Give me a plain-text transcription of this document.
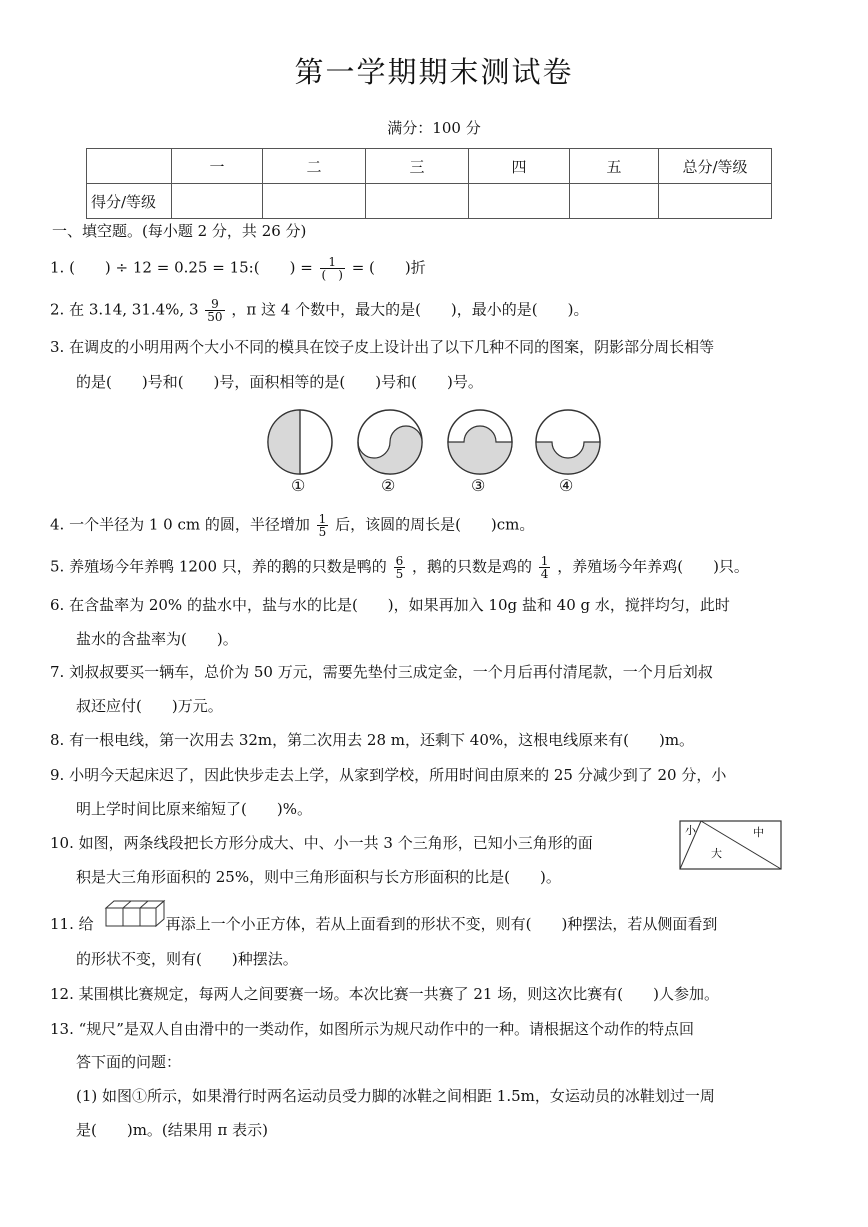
第一学期期末测试卷
满分：100 分
	一	二	三	四	五	总分/等级
得分/等级						
一、填空题。(每小题 2 分，共 26 分)
1. (　　) ÷ 12 = 0.25 = 15:(　　) = $\frac{1}{( )}$ = (　　)折
2. 在 3.14, 31.4%, $3 \frac{9}{50}$ ，π 这 4 个数中，最大的是(　　)，最小的是(　　)。
3. 在调皮的小明用两个大小不同的模具在饺子皮上设计出了以下几种不同的图案，阴影部分周长相等
的是(　　)号和(　　)号，面积相等的是(　　)号和(　　)号。
①	②	③	④
4. 一个半径为 1 0 cm 的圆，半径增加 $\frac{1}{5}$ 后，该圆的周长是(　　)cm。
5. 养殖场今年养鸭 1200 只，养的鹅的只数是鸭的 $\frac{6}{5}$ ，鹅的只数是鸡的 $\frac{1}{4}$ ，养殖场今年养鸡(　　)只。
6. 在含盐率为 20% 的盐水中，盐与水的比是(　　)，如果再加入 10g 盐和 40 g 水，搅拌均匀，此时
盐水的含盐率为(　　)。
7. 刘叔叔要买一辆车，总价为 50 万元，需要先垫付三成定金，一个月后再付清尾款，一个月后刘叔
叔还应付(　　)万元。
8. 有一根电线，第一次用去 32m，第二次用去 28 m，还剩下 40%，这根电线原来有(　　)m。
9. 小明今天起床迟了，因此快步走去上学，从家到学校，所用时间由原来的 25 分减少到了 20 分，小
明上学时间比原来缩短了(　　)%。
10. 如图，两条线段把长方形分成大、中、小一共 3 个三角形，已知小三角形的面
积是大三角形面积的 25%，则中三角形面积与长方形面积的比是(　　)。
小	中
大
11. 给	再添上一个小正方体，若从上面看到的形状不变，则有(　　)种摆法，若从侧面看到
的形状不变，则有(　　)种摆法。
12. 某围棋比赛规定，每两人之间要赛一场。本次比赛一共赛了 21 场，则这次比赛有(　　)人参加。
13. “规尺”是双人自由滑中的一类动作，如图所示为规尺动作中的一种。请根据这个动作的特点回
答下面的问题：
(1) 如图①所示，如果滑行时两名运动员受力脚的冰鞋之间相距 1.5m，女运动员的冰鞋划过一周
是(　　)m。(结果用 π 表示)
